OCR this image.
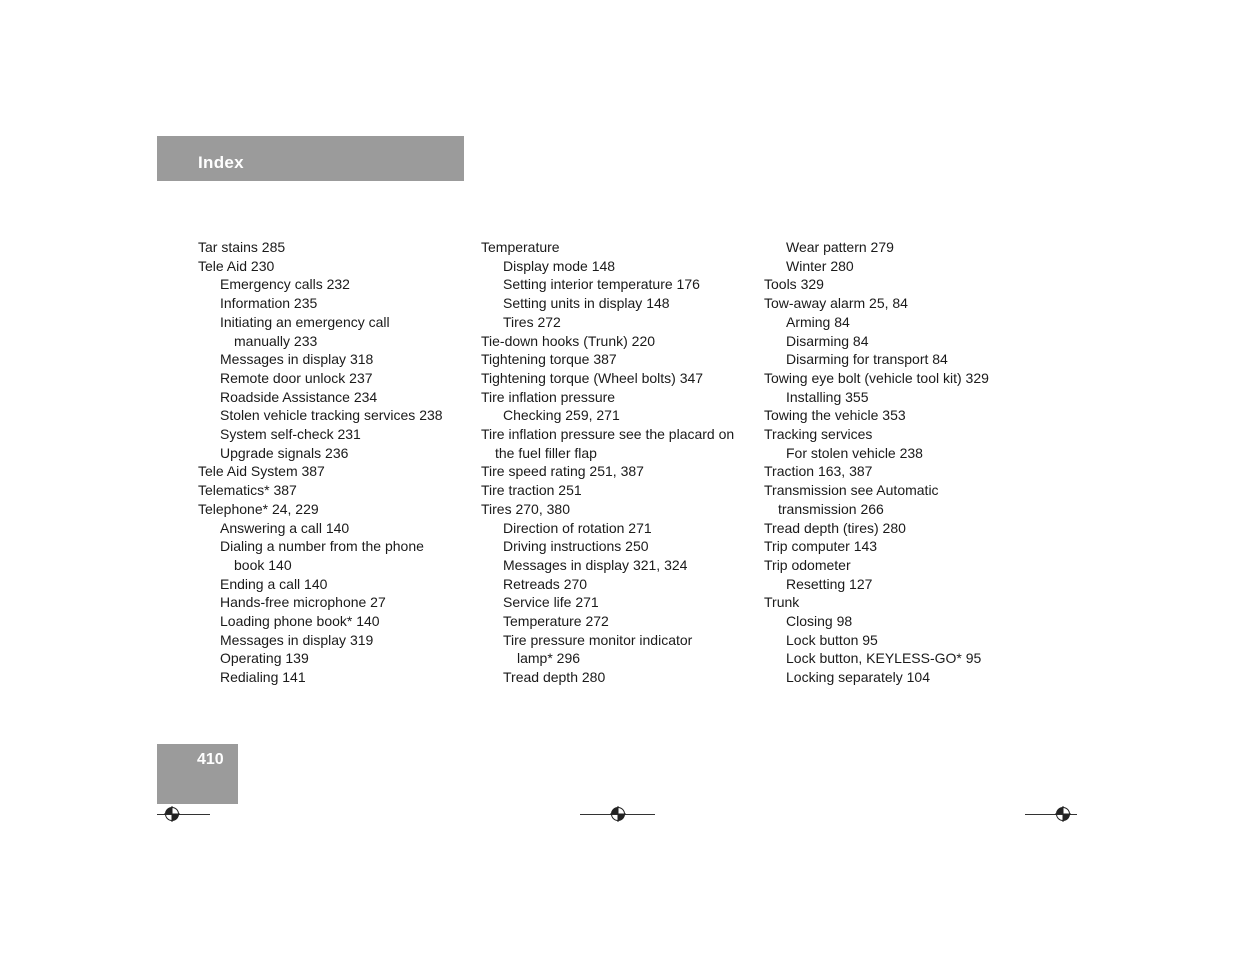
Index
Tar stains 285
Tele Aid 230
Emergency calls 232
Information 235
Initiating an emergency call
manually 233
Messages in display 318
Remote door unlock 237
Roadside Assistance 234
Stolen vehicle tracking services 238
System self-check 231
Upgrade signals 236
Tele Aid System 387
Telematics* 387
Telephone* 24, 229
Answering a call 140
Dialing a number from the phone
book 140
Ending a call 140
Hands-free microphone 27
Loading phone book* 140
Messages in display 319
Operating 139
Redialing 141
Temperature
Display mode 148
Setting interior temperature 176
Setting units in display 148
Tires 272
Tie-down hooks (Trunk) 220
Tightening torque 387
Tightening torque (Wheel bolts) 347
Tire inflation pressure
Checking 259, 271
Tire inflation pressure see the placard on
the fuel filler flap
Tire speed rating 251, 387
Tire traction 251
Tires 270, 380
Direction of rotation 271
Driving instructions 250
Messages in display 321, 324
Retreads 270
Service life 271
Temperature 272
Tire pressure monitor indicator
lamp* 296
Tread depth 280
Wear pattern 279
Winter 280
Tools 329
Tow-away alarm 25, 84
Arming 84
Disarming 84
Disarming for transport 84
Towing eye bolt (vehicle tool kit) 329
Installing 355
Towing the vehicle 353
Tracking services
For stolen vehicle 238
Traction 163, 387
Transmission see Automatic
transmission 266
Tread depth (tires) 280
Trip computer 143
Trip odometer
Resetting 127
Trunk
Closing 98
Lock button 95
Lock button, KEYLESS-GO* 95
Locking separately 104
410
